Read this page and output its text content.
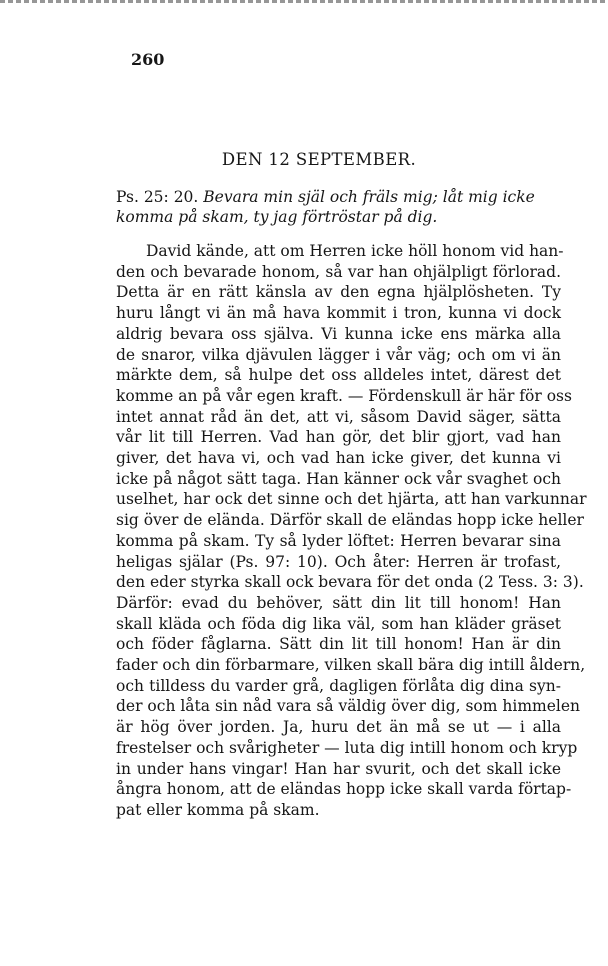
260
DEN 12 SEPTEMBER.
Ps. 25: 20. Bevara min själ och fräls mig; låt mig icke komma på skam, ty jag förtröstar på dig.
David kände, att om Herren icke höll honom vid han-
den och bevarade honom, så var han ohjälpligt förlorad.
Detta är en rätt känsla av den egna hjälplösheten. Ty
huru långt vi än må hava kommit i tron, kunna vi dock
aldrig bevara oss själva. Vi kunna icke ens märka alla
de snaror, vilka djävulen lägger i vår väg; och om vi än
märkte dem, så hulpe det oss alldeles intet, därest det
komme an på vår egen kraft. — Fördenskull är här för oss
intet annat råd än det, att vi, såsom David säger, sätta
vår lit till Herren. Vad han gör, det blir gjort, vad han
giver, det hava vi, och vad han icke giver, det kunna vi
icke på något sätt taga. Han känner ock vår svaghet och
uselhet, har ock det sinne och det hjärta, att han varkunnar
sig över de elända. Därför skall de eländas hopp icke heller
komma på skam. Ty så lyder löftet: Herren bevarar sina
heligas själar (Ps. 97: 10). Och åter: Herren är trofast,
den eder styrka skall ock bevara för det onda (2 Tess. 3: 3).
Därför: evad du behöver, sätt din lit till honom! Han
skall kläda och föda dig lika väl, som han kläder gräset
och föder fåglarna. Sätt din lit till honom! Han är din
fader och din förbarmare, vilken skall bära dig intill åldern,
och tilldess du varder grå, dagligen förlåta dig dina syn-
der och låta sin nåd vara så väldig över dig, som himmelen
är hög över jorden. Ja, huru det än må se ut — i alla
frestelser och svårigheter — luta dig intill honom och kryp
in under hans vingar! Han har svurit, och det skall icke
ångra honom, att de eländas hopp icke skall varda förtap-
pat eller komma på skam.
